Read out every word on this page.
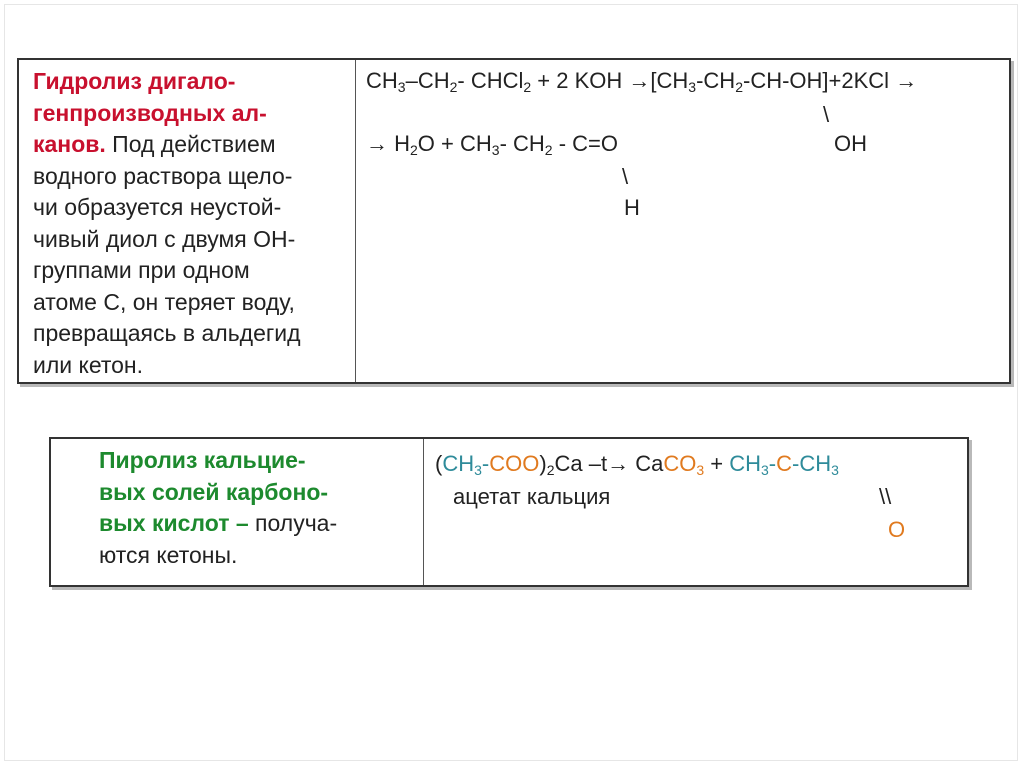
Гидролиз дигало-
генпроизводных ал-
канов. Под действием
водного раствора щело-
чи образуется неустой-
чивый диол с двумя ОН-
группами при одном
атоме С, он теряет воду,
превращаясь в альдегид
или кетон.
$CH_3-CH_2-$ CHCl$_2$ + 2 KOH $\to[CH_3-CH_2-CH-OH]+2KCl$ →
\
OH
→ $H_2O + CH_3-$ $CH_2 - C=O$
\
H
Пиролиз кальцие-
вых солей карбоно-
вых кислот – получа-
ются кетоны.
$(CH_3-COO)_2Ca$ –t→ CaCO$_3$ + $CH_3-C-CH_3$
ацетат кальция	\\
O
